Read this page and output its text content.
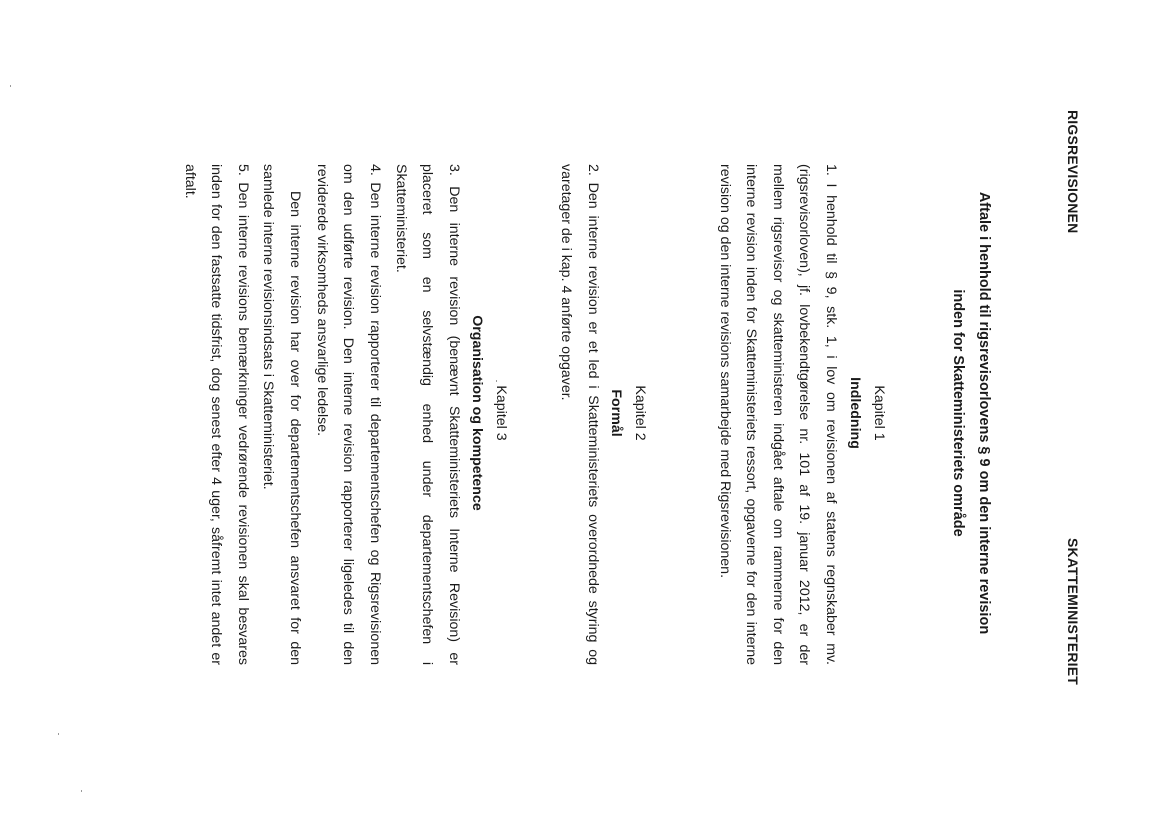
RIGSREVISIONEN
SKATTEMINISTERIET
Aftale i henhold til rigsrevisorlovens § 9 om den interne revision
inden for Skatteministeriets område
Kapitel 1
Indledning
1. I henhold til § 9, stk. 1, i lov om revisionen af statens regnskaber mv. (rigsrevisorloven), jf. lovbekendtgørelse nr. 101 af 19. januar 2012, er der mellem rigsrevisor og skatteministeren indgået aftale om rammerne for den interne revision inden for Skatteministeriets ressort, opgaverne for den interne revision og den interne revisions samarbejde med Rigsrevisionen.
Kapitel 2
Formål
2. Den interne revision er et led i Skatteministeriets overordnede styring og varetager de i kap. 4 anførte opgaver.
Kapitel 3
Organisation og kompetence
3. Den interne revision (benævnt Skatteministeriets Interne Revision) er placeret som en selvstændig enhed under departementschefen i Skatteministeriet.
4. Den interne revision rapporterer til departementschefen og Rigsrevisionen om den udførte revision. Den interne revision rapporterer ligeledes til den reviderede virksomheds ansvarlige ledelse.
Den interne revision har over for departementschefen ansvaret for den samlede interne revisionsindsats i Skatteministeriet.
5. Den interne revisions bemærkninger vedrørende revisionen skal besvares inden for den fastsatte tidsfrist, dog senest efter 4 uger, såfremt intet andet er aftalt.
